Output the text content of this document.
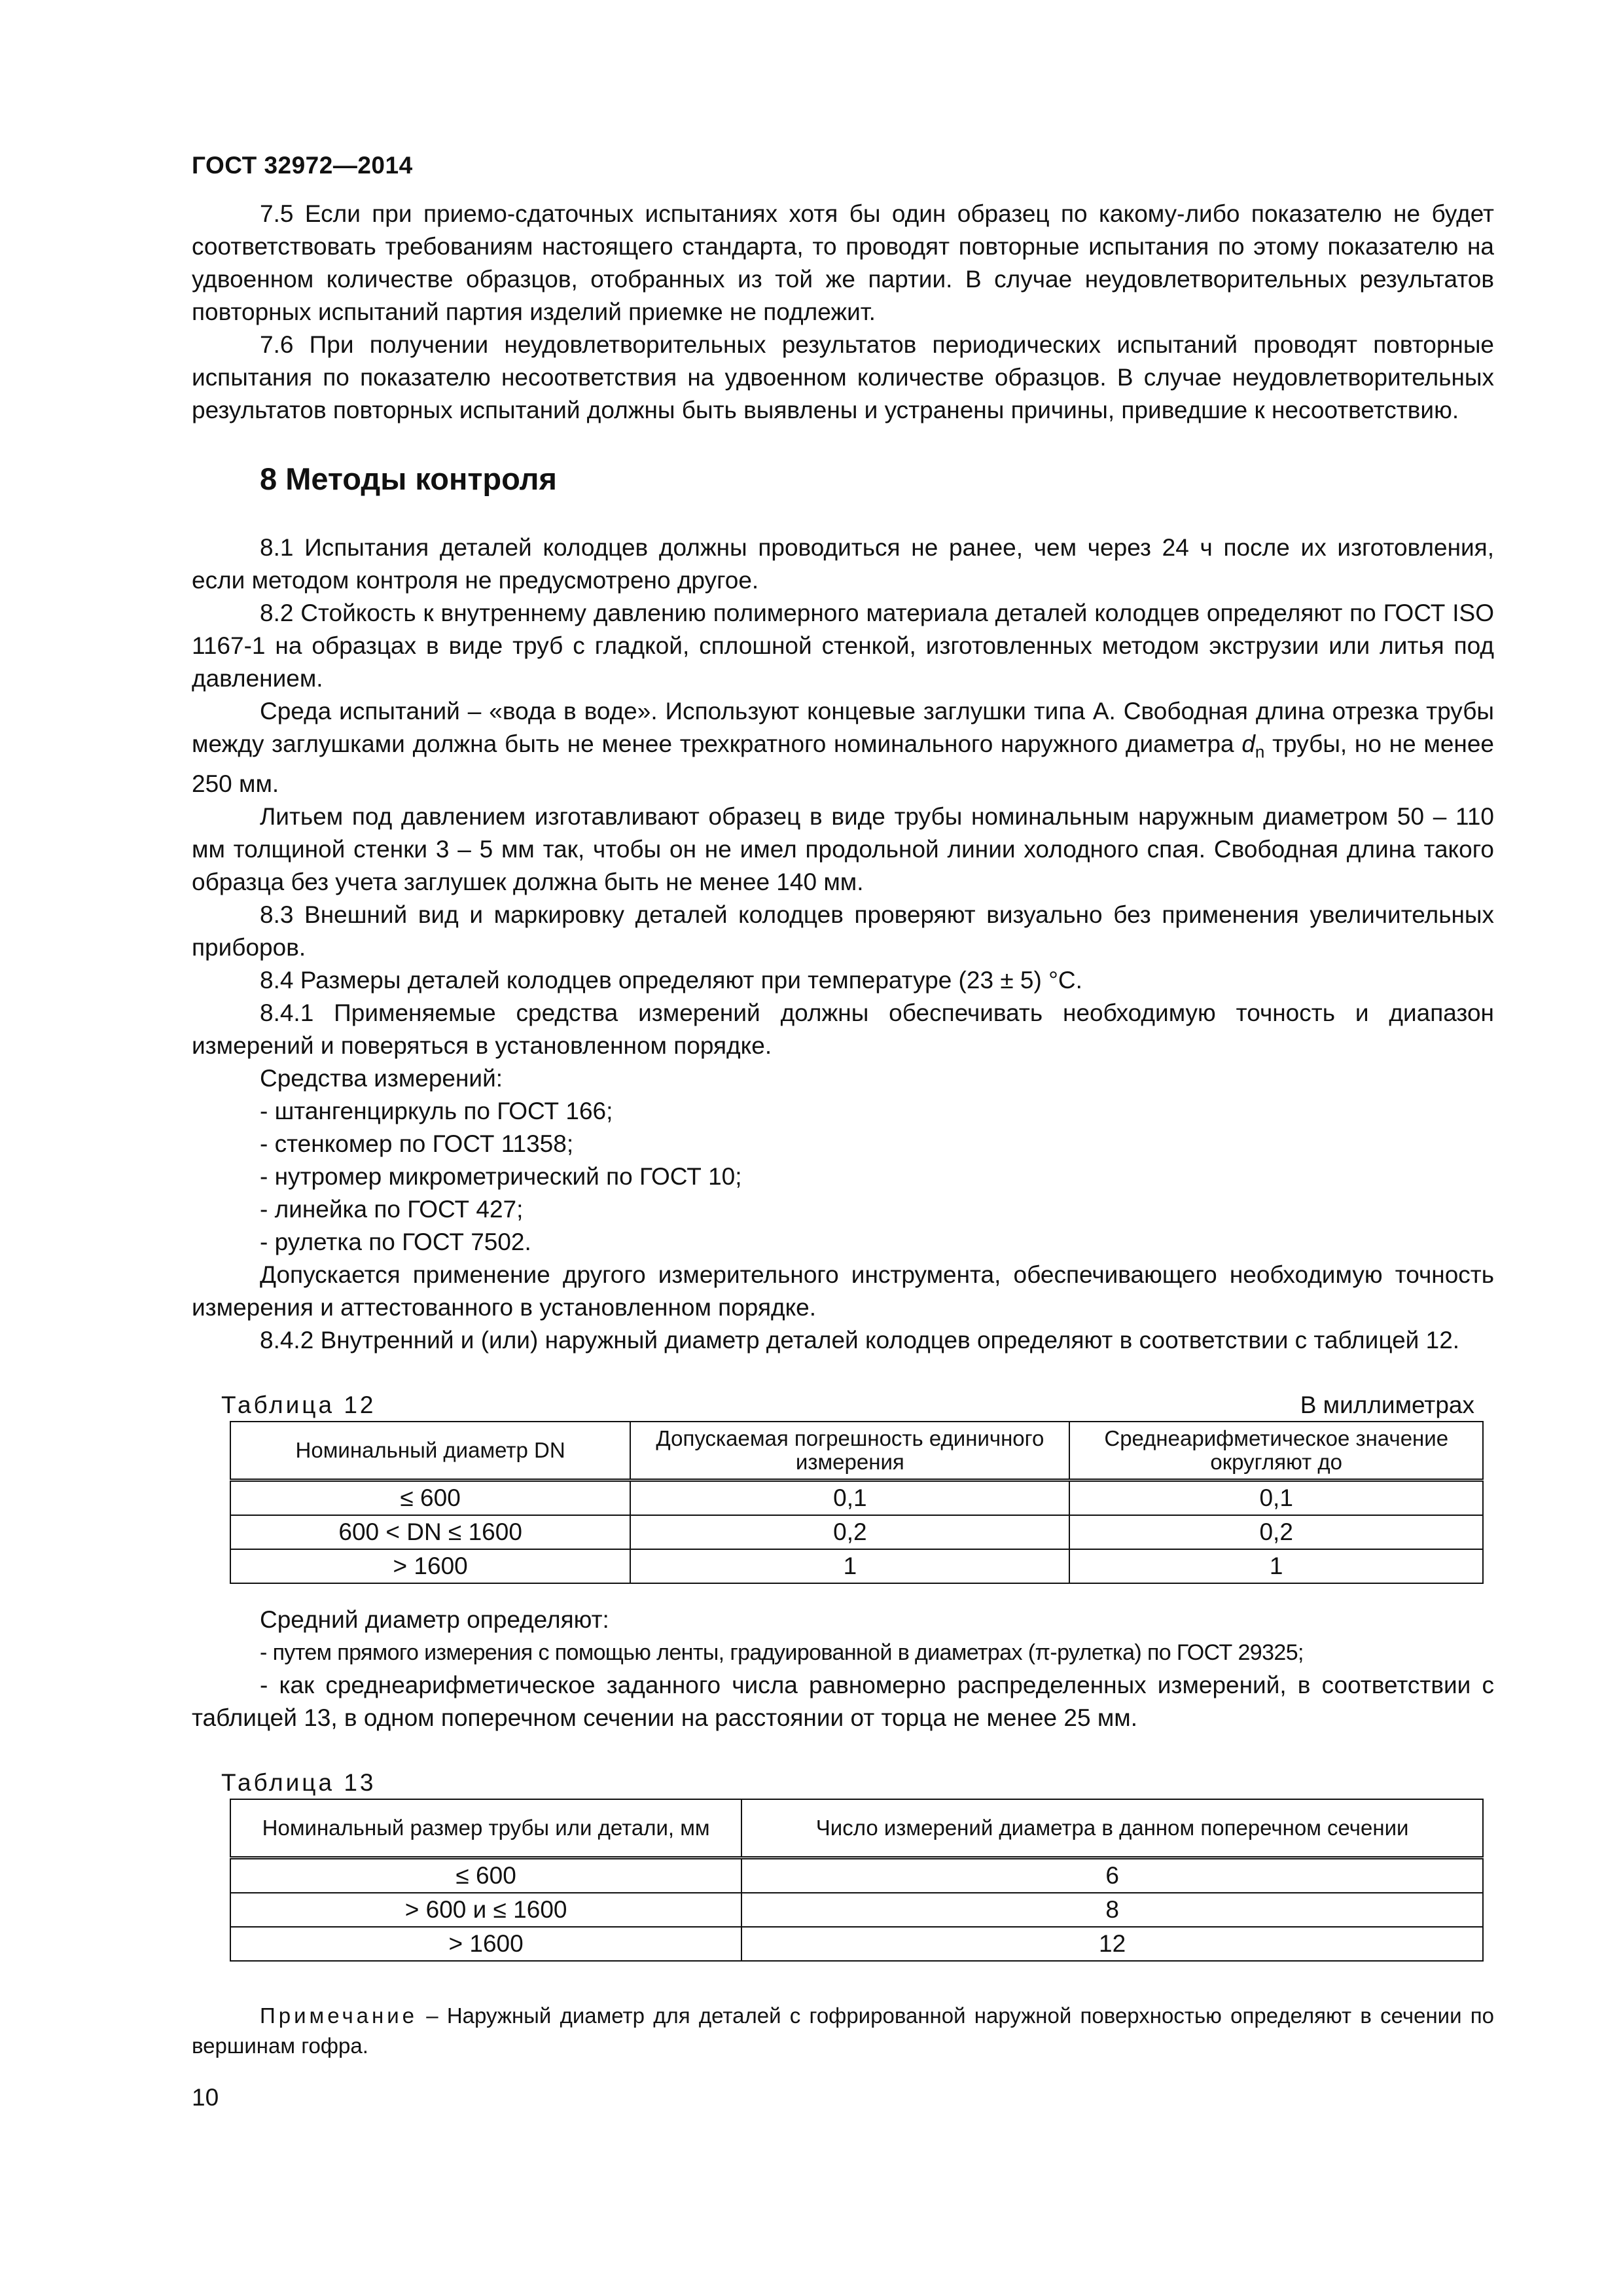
ГОСТ 32972—2014

7.5 Если при приемо-сдаточных испытаниях хотя бы один образец по какому-либо показателю не будет соответствовать требованиям настоящего стандарта, то проводят повторные испытания по этому показателю на удвоенном количестве образцов, отобранных из той же партии. В случае неудовлетворительных результатов повторных испытаний партия изделий приемке не подлежит.

7.6 При получении неудовлетворительных результатов периодических испытаний проводят повторные испытания по показателю несоответствия на удвоенном количестве образцов. В случае неудовлетворительных результатов повторных испытаний должны быть выявлены и устранены причины, приведшие к несоответствию.

8 Методы контроля

8.1 Испытания деталей колодцев должны проводиться не ранее, чем через 24 ч после их изготовления, если методом контроля не предусмотрено другое.

8.2 Стойкость к внутреннему давлению полимерного материала деталей колодцев определяют по ГОСТ ISO 1167-1 на образцах в виде труб с гладкой, сплошной стенкой, изготовленных методом экструзии или литья под давлением.

Среда испытаний – «вода в воде». Используют концевые заглушки типа А. Свободная длина отрезка трубы между заглушками должна быть не менее трехкратного номинального наружного диаметра $d_n$ трубы, но не менее 250 мм.

Литьем под давлением изготавливают образец в виде трубы номинальным наружным диаметром 50 – 110 мм толщиной стенки 3 – 5 мм так, чтобы он не имел продольной линии холодного спая. Свободная длина такого образца без учета заглушек должна быть не менее 140 мм.

8.3 Внешний вид и маркировку деталей колодцев проверяют визуально без применения увеличительных приборов.

8.4 Размеры деталей колодцев определяют при температуре (23 ± 5) °С.

8.4.1 Применяемые средства измерений должны обеспечивать необходимую точность и диапазон измерений и поверяться в установленном порядке.

Средства измерений:

- штангенциркуль по ГОСТ 166;

- стенкомер по ГОСТ 11358;

- нутромер микрометрический по ГОСТ 10;

- линейка по ГОСТ 427;

- рулетка по ГОСТ 7502.

Допускается применение другого измерительного инструмента, обеспечивающего необходимую точность измерения и аттестованного в установленном порядке.

8.4.2 Внутренний и (или) наружный диаметр деталей колодцев определяют в соответствии с таблицей 12.

Таблица 12	В миллиметрах
Номинальный диаметр DN	Допускаемая погрешность единичного измерения	Среднеарифметическое значение округляют до
≤ 600	0,1	0,1
600 < DN ≤ 1600	0,2	0,2
> 1600	1	1

Средний диаметр определяют:

- путем прямого измерения с помощью ленты, градуированной в диаметрах (π-рулетка) по ГОСТ 29325;

- как среднеарифметическое заданного числа равномерно распределенных измерений, в соответствии с таблицей 13, в одном поперечном сечении на расстоянии от торца не менее 25 мм.

Таблица 13
Номинальный размер трубы или детали, мм	Число измерений диаметра в данном поперечном сечении
≤ 600	6
> 600 и ≤ 1600	8
> 1600	12
Примечание – Наружный диаметр для деталей с гофрированной наружной поверхностью определяют в сечении по вершинам гофра.
10
